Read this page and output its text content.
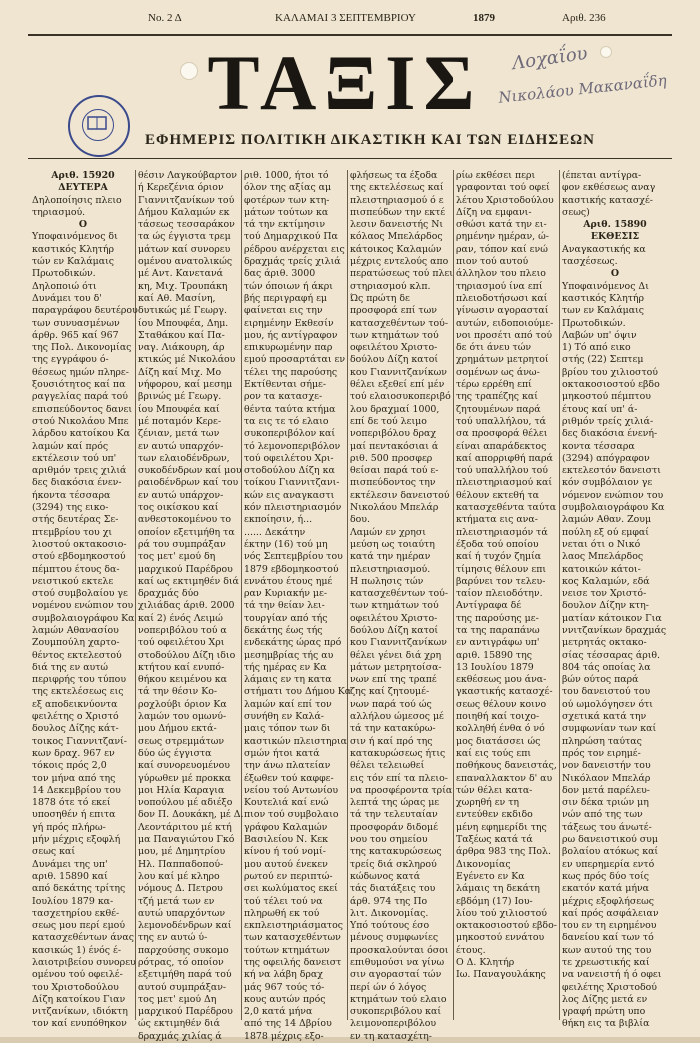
Νο. 2 Δ	ΚΑΛΑΜΑΙ 3 ΣΕΠΤΕΜΒΡΙΟΥ	1879	Αριθ. 236
ΤΑΞΙΣ	Λοχαΐου
Νικολάου Μακαναΐδη
ΕΦΗΜΕΡΙΣ ΠΟΛΙΤΙΚΗ ΔΙΚΑΣΤΙΚΗ ΚΑΙ ΤΩΝ ΕΙΔΗΣΕΩΝ
Αριθ. 15920
ΔΕΥΤΕΡΑ
Δηλοποίησις πλειο
τηριασμού.
Ο
Υποφαινόμενος δι
καστικός Κλητήρ
τών εν Καλάμαις
Πρωτοδικών.
Δηλοποιώ ότι
Δυνάμει του δ'
παραγράφου δευτέρου
των συνυασμένων
άρθρ. 965 καί 967
της Πολ. Δικονομίας
της εγγράφου ό-
θέσεως ημών πληρε-
ξουσιότητος καί πα
ραγγελίας παρά τού
επισπεύδοντος δανει
στού Νικολάου Μπε
λάρδου κατοίκου Κα
λαμών καί πρός
εκτέλεσιν τού υπ'
αριθμόν τρεις χιλιά
δες διακόσια ένεν-
ήκοντα τέσσαρα
(3294) της εικο-
στής δευτέρας Σε-
πτεμβρίου του χι
λιοστού οκτακοσιο-
στού εβδομηκοστού
πέμπτου έτους δα-
νειστικού εκτελε
στού συμβολαίου γε
νομένου ενώπιον του
συμβολαιογράφου Κα
λαμών Αθανασίου
Ζουμπούλη χαρτο-
θέντος εκτελεστού
διά της εν αυτώ
περιφρής του τύπου
της εκτελέσεως εις
εξ αποδεικνύοντα
φειλέτης ο Χριστό
δουλος Δίζης κάτ-
τοικος Γιαννιτζανί-
κων δραχ. 967 εν
τόκοις πρός 2,0
τον μήνα από της
14 Δεκεμβρίου του
1878 ότε τό εκεί
υποσηθέν ή επιτα
γή πρός πλήρω-
μήν μέχρις εξοφλή
σεως καί
Δυνάμει της υπ'
αριθ. 15890 καί
από δεκάτης τρίτης
Ιουλίου 1879 κα-
τασχετηρίου εκθέ-
σεως μου περί εμού
κατασχεθέντων άνας
κασικώς 1) ένός έ-
λαιοτριβείου συνορευ
ομένου τού οφειλέ-
του Χριστοδούλου
Δίζη κατοίκου Γιαν
νιτζανίκων, ιδιόκτη
τον καί ενυπόθηκον
θέσιν Λαγκούβαρτον
ή Κερεζένια όριον
Γιαννιτζανίκων τού
Δήμου Καλαμών εκ
τάσεως τεσσαράκον
τα ώς έγγιστα τρεμ
μάτων καί συνορευ
ομένου ανατολικώς
μέ Αντ. Κανετανά
κη, Μιχ. Τρουπάκη
καί Αθ. Μασίνη,
δυτικώς μέ Γεωργ.
ίου Μπουφέα, Δημ.
Σταθάκου καί Πα-
ναγ. Λιάκουρη, άρ
κτικώς μέ Νικολάου
Δίζη καί Μιχ. Μο
νήφορου, καί μεσημ
βρινώς μέ Γεωργ.
ίου Μπουφέα καί
μέ ποταμόν Κερε-
ζένιαν, μετά των
εν αυτώ υπαρχόν-
των ελαιοδένδρων,
συκοδένδρων καί μου
ραιοδένδρων καί του
εν αυτώ υπάρχον-
τος οικίσκου καί
ανθεστοκομένου το
οποίον εξετιμήθη τα
ρά του συμπράξαν
τος μετ' εμού δη
μαρχικού Παρέδρου
καί ως εκτιμηθέν διά
δραχμάς δύο
χιλιάδας άριθ. 2000
καί 2) ένός Λειμώ
νοπεριβόλου τού α
τού οφειλέτου Χρι
στοδούλου Δίζη ιδιο
κτήτου καί ενυπό-
θήκου κειμένου κα
τά την θέσιν Κο-
ροχλούβι όριον Κα
λαμών του ομωνύ-
μου Δήμου εκτά-
σεως στρεμμάτων
δύο ώς έγγιστα
καί συνορευομένου
γύρωθεν μέ προκκα
μοι Ηλία Καραγια
νοπούλου μέ αδιέξο
δον Π. Δουκάκη, μέ Δ.
Λεοντάριτου μέ κτή
μα Παναγιώτου Γκό
μου, μέ Δημητρίου
Ηλ. Παππαδοπού-
λου καί μέ κληρο
νόμους Δ. Πετρου
τζή μετά των εν
αυτώ υπαρχόντων
λεμονοδένδρων καί
της εν αυτώ ύ-
παρχούσης συκομο
ρότρας, τό οποίον
εξετιμήθη παρά τού
αυτού συμπράξαν-
τος μετ' εμού Δη
μαρχικού Παρέδρου
ώς εκτιμηθέν διά
δραχμάς χιλίας ά
ριθ. 1000, ήτοι τό
όλον της αξίας αμ
φοτέρων των κτη-
μάτων τούτων κα
τά την εκτίμησιν
τού Δημαρχικού Πα
ρέδρου ανέρχεται εις
δραχμάς τρείς χιλιά
δας άριθ. 3000
τών όποιων ή άκρι
βής περιγραφή εμ
φαίνεται εις την
ειρημένην Εκθεσίν
μου, ής αντίγραφον
επικυρωμένην παρ
εμού προσαρτάται εν
τέλει της παρούσης
Εκτίθενται σήμε-
ρον τα κατασχε-
θέντα ταύτα κτήμα
τα εις τε τό ελαιο
συκοπεριβόλον καί
τό λεμονοπεριβόλον
τού οφειλέτου Χρι-
στοδούλου Δίζη κα
τοίκου Γιαννιτζανι-
κών εις αναγκαστι
κόν πλειστηριασμόν
εκποίησιν, ή...
...... Δεκάτην
έκτην (16) τού μη
νός Σεπτεμβρίου του
1879 εβδομηκοστού
εννάτου έτους ημέ
ραν Κυριακήν με-
τά την θείαν λει-
τουργίαν από τής
δεκάτης έως τής
ενδεκάτης ώρας πρό
μεσημβρίας τής αυ
τής ημέρας εν Κα
λάμαις εν τη κατα
στήματι του Δήμου Κα
λαμών καί επί τον
συνήθη εν Καλά-
μαις τόπον των δι
καστικών πλειστηρια
σμών ήτοι κατά
την άνω πλατείαν
έξωθεν τού καφφε-
νείου τού Αντωνίου
Κουτελιά καί ενώ
πιον τού συμβολαιο
γράφου Καλαμών
Βασιλείου Ν. Κεκ
κίνου ή τού νομί-
μου αυτού ένεκεν
ρωτού εν περιπτώ-
σει κωλύματος εκεί
τού τέλει τού να
πληρωθή εκ τού
εκπλειστηριάσματος
των κατασχεθέντων
τούτων κτημάτων
της οφειλής δανειστ
κή να λάβη δραχ
μάς 967 τούς τό-
κους αυτών πρός
2,0 κατά μήνα
από της 14 Δβρίου
1878 μέχρις εξο-
φλήσεως τα έξοδα
της εκτελέσεως καί
πλειστηριασμού ό ε
πισπεύδων την εκτέ
λεσιν δανειστής Νι
κόλαος Μπελάρδος
κάτοικος Καλαμών
μέχρις εντελούς απο
περατώσεως τού πλει
στηριασμού κλπ.
Ώς πρώτη δε
προσφορά επί των
κατασχεθέντων τού-
των κτημάτων τού
οφειλέτου Χριστο-
δούλου Δίζη κατοί
κου Γιαννιτζανίκων
θέλει εξεθεί επί μέν
τού ελαιοσυκοπεριβό
λου δραχμαί 1000,
επί δε τού λειμο
νοπεριβόλου δραχ
μαί πεντακόσιαι ά
ριθ. 500 προσφερ
θείσαι παρά τού ε-
πισπεύδοντος την
εκτέλεσιν δανειστού
Νικολάου Μπελάρ
δου.
Λαμών εν χρησι
μεύση ως τοιαύτη
κατά την ημέραν
πλειστηριασμού.
Η πωλησις τών
κατασχεθέντων τού-
των κτημάτων τού
οφειλέτου Χριστο-
δούλου Δίζη κατοί
κου Γιαννιτζανίκων
θέλει γένει διά χρη
μάτων μετρητοίσα-
νων επί της τραπέ
ζης καί ζητουμέ-
νων παρά τού ώς
αλλήλου ώμεσος μέ
τά την κατακύρω-
σιν ή καί πρό της
κατακυρώσεως ήτις
θέλει τελειωθεί
εις τόν επί τα πλειο-
να προσφέροντα τρία
λεπτά της ώρας με
τά την τελευταίαν
προσφοράν διδομέ
νου του σημείου
της κατακυρώσεως
τρείς διά σκληρού
κώδωνος κατά
τάς διατάξεις του
άρθ. 974 της Πο
λιτ. Δικονομίας.
Υπό τούτους έσο
μένους συμφωνίες
προσκαλούνται όσοι
επιθυμούσι να γίνω
σιν αγορασταί τών
περί ών ό λόγος
κτημάτων τού ελαιο
συκοπεριβόλου καί
λειμονοπεριβόλου
εν τη κατασχέτη-
ρίω εκθέσει περι
γραφονται τού οφεί
λέτου Χριστοδούλου
Δίζη να εμφανι-
σθώσι κατά την ει-
ρημένην ημέραν, ώ-
ραν, τόπον καί ενώ
πιον τού αυτού
άλληλον του πλειο
τηριασμού ίνα επί
πλειοδοτήσωσι καί
γίνωσιν αγορασταί
αυτών, ειδοποιούμε-
νοι προσέτι από τού
δε ότι άνευ τών
χρημάτων μετρητοί
σομένων ως άνω-
τέρω ερρέθη επί
της τραπέζης καί
ζητουμένων παρά
τού υπαλλήλου, τά
σα προσφορά θέλει
είναι απαράδεκτος
καί απορριφθή παρά
τού υπαλλήλου τού
πλειστηριασμού καί
θέλουν εκτεθή τα
κατασχεθέντα ταύτα
κτήματα εις ανα-
πλειστηριασμόν τά
έξοδα τού οποίου
καί ή τυχόν ζημία
τίμησις θέλουν επι
βαρύνει τον τελευ-
ταίον πλειοδότην.
Αντίγραφα δέ
της παρούσης με-
τα της παραπάνω
εν αντιγράφω υπ'
αριθ. 15890 της
13 Ιουλίου 1879
εκθέσεως μου άνα-
γκαστικής κατασχέ-
σεως θέλουν κοινο
ποιηθή καί τοιχο-
κολληθή ένθα ό νό
μος διατάσσει ώς
καί εις τούς επι
ποθήκους δανειστάς,
επαναλλακτον δ' αυ
τών θέλει κατα-
χωρηθή εν τη
εντεύθεν εκδιδο
μένη εφημερίδι της
Ταξέως κατά τά
άρθρα 983 της Πολ.
Δικονομίας
Εγένετο εν Κα
λάμαις τη δεκάτη
εβδόμη (17) Ιου-
λίου τού χιλιοστού
οκτακοσιοστού εβδο-
μηκοστού εννάτου
έτους.
Ο Δ. Κλητήρ
Ιω. Παναγουλάκης
(έπεται αντίγρα-
φον εκθέσεως αναγ
καστικής κατασχέ-
σεως)
Αριθ. 15890
ΕΚΘΕΣΙΣ
Αναγκαστικής κα
τασχέσεως.
Ο
Υποφαινόμενος Δι
καστικός Κλητήρ
των εν Καλάμαις
Πρωτοδικών.
Λαβών υπ' όψιν
1) Τό από εικο
στής (22) Σεπτεμ
βρίου του χιλιοστού
οκτακοσιοστού εβδο
μηκοστού πέμπτου
έτους καί υπ' ά-
ριθμόν τρείς χιλιά-
δες διακόσια ένενή-
κοντα τέσσαρα
(3294) απόγραφον
εκτελεστόν δανειστι
κόν συμβόλαιον γε
νόμενον ενώπιον του
συμβολαιογράφου Κα
λαμών Αθαν. Ζουμ
πούλη εξ ού εμφαί
νεται ότι ο Νικό
λαος Μπελάρδος
κατοικών κάτοι-
κος Καλαμών, εδά
νεισε τον Χριστό-
δουλον Δίζην κτη-
ματίαν κάτοικον Για
ννιτζανίκων δραχμάς
μετρητάς οκτακο-
σίας τέσσαρας άριθ.
804 τάς οποίας λα
βών ούτος παρά
του δανειστού του
ού ωμολόγησεν ότι
σχετικά κατά την
συμφωνίαν των καί
πληρώση ταύτας
πρός τον ειρημέ-
νον δανειστήν του
Νικόλαον Μπελάρ
δον μετά παρέλευ-
σιν δέκα τριών μη
νών από της των
τάξεως του άνωτέ-
ρω δανειστικού συμ
βολαίου ατόκως καί
εν υπερημερία εντό
κως πρός δύο τοίς
εκατόν κατά μήνα
μέχρις εξοφλήσεως
καί πρός ασφάλειαν
του εν τη ειρημένου
δανείου καί των τό
κων αυτού της του
τε χρεωστικής καί
να νανειστή ή ό οφει
φειλέτης Χριστοδού
λος Δίζης μετά εν
γραφή πρώτη υπο
θήκη εις τα βιβλία
